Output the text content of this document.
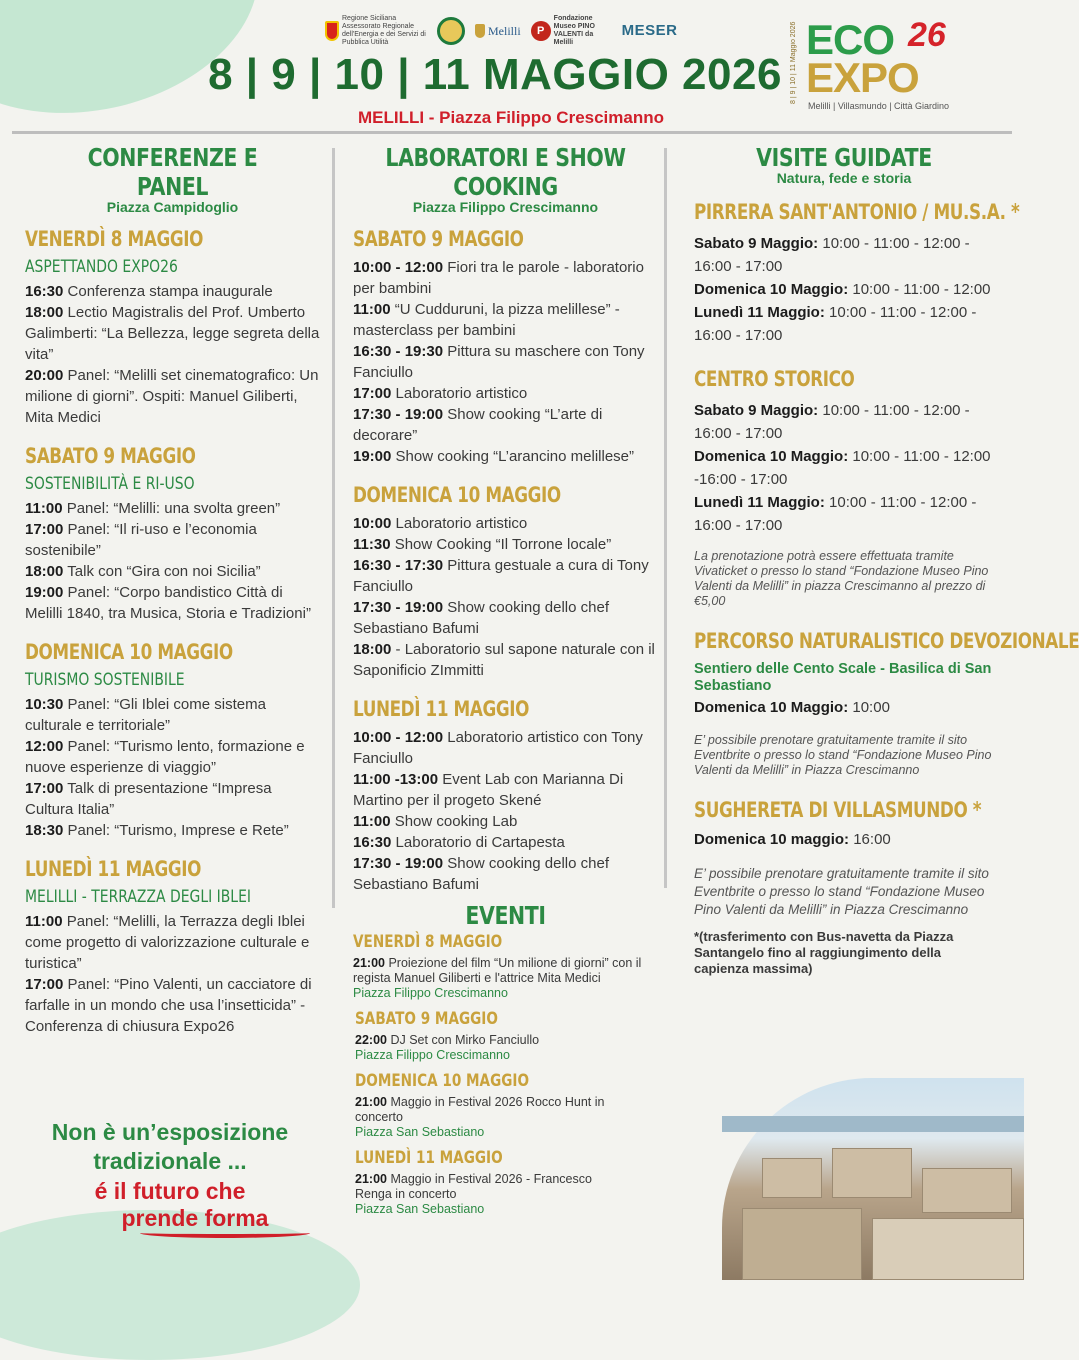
Regione Siciliana Assessorato Regionale dell'Energia e dei Servizi di Pubblica Utilità
Melilli	P
Fondazione Museo PINO VALENTI da Melilli
MESER
8 | 9 | 10 | 11 MAGGIO 2026
MELILLI - Piazza Filippo Crescimanno
8 | 9 | 10 | 11 Maggio 2026 ECO 26
EXPO
Melilli | Villasmundo | Città Giardino
CONFERENZE E PANEL
Piazza Campidoglio
VENERDÌ 8 MAGGIO
ASPETTANDO EXPO26
16:30 Conferenza stampa inaugurale
18:00 Lectio Magistralis del Prof. Umberto Galimberti: “La Bellezza, legge segreta della vita”
20:00 Panel: “Melilli set cinematografico: Un milione di giorni”. Ospiti: Manuel Giliberti, Mita Medici
SABATO 9 MAGGIO
SOSTENIBILITÀ E RI-USO
11:00 Panel: “Melilli: una svolta green”
17:00 Panel: “Il ri-uso e l’economia sostenibile”
18:00 Talk con “Gira con noi Sicilia”
19:00 Panel: “Corpo bandistico Città di Melilli 1840, tra Musica, Storia e Tradizioni”
DOMENICA 10 MAGGIO
TURISMO SOSTENIBILE
10:30 Panel: “Gli Iblei come sistema culturale e territoriale”
12:00 Panel: “Turismo lento, formazione e nuove esperienze di viaggio”
17:00 Talk di presentazione “Impresa Cultura Italia”
18:30 Panel: “Turismo, Imprese e Rete”
LUNEDÌ 11 MAGGIO
MELILLI - TERRAZZA DEGLI IBLEI
11:00 Panel: “Melilli, la Terrazza degli Iblei come progetto di valorizzazione culturale e turistica”
17:00 Panel: “Pino Valenti, un cacciatore di farfalle in un mondo che usa l’insetticida” - Conferenza di chiusura Expo26
Non è un’esposizione
tradizionale ...
é il futuro che
prende forma
LABORATORI E SHOW COOKING
Piazza Filippo Crescimanno
SABATO 9 MAGGIO
10:00 - 12:00 Fiori tra le parole - laboratorio per bambini
11:00 “U Cudduruni, la pizza melillese” - masterclass per bambini
16:30 - 19:30 Pittura su maschere con Tony Fanciullo
17:00 Laboratorio artistico
17:30 - 19:00 Show cooking “L’arte di decorare”
19:00 Show cooking “L’arancino melillese”
DOMENICA 10 MAGGIO
10:00 Laboratorio artistico
11:30 Show Cooking “Il Torrone locale”
16:30 - 17:30 Pittura gestuale a cura di Tony Fanciullo
17:30 - 19:00 Show cooking dello chef Sebastiano Bafumi
18:00 - Laboratorio sul sapone naturale con il Saponificio ZImmitti
LUNEDÌ 11 MAGGIO
10:00 - 12:00 Laboratorio artistico con Tony Fanciullo
11:00 -13:00 Event Lab con Marianna Di Martino per il progeto Skené
11:00 Show cooking Lab
16:30 Laboratorio di Cartapesta
17:30 - 19:00 Show cooking dello chef Sebastiano Bafumi
EVENTI
VENERDÌ 8 MAGGIO
21:00 Proiezione del film “Un milione di giorni” con il regista Manuel Giliberti e l'attrice Mita Medici
Piazza Filippo Crescimanno
SABATO 9 MAGGIO
22:00 DJ Set con Mirko Fanciullo
Piazza Filippo Crescimanno
DOMENICA 10 MAGGIO
21:00 Maggio in Festival 2026 Rocco Hunt in concerto
Piazza San Sebastiano
LUNEDÌ 11 MAGGIO
21:00 Maggio in Festival 2026 - Francesco Renga in concerto
Piazza San Sebastiano
VISITE GUIDATE
Natura, fede e storia
PIRRERA SANT'ANTONIO / MU.S.A. *
Sabato 9 Maggio: 10:00 - 11:00 - 12:00 - 16:00 - 17:00
Domenica 10 Maggio: 10:00 - 11:00 - 12:00
Lunedì 11 Maggio: 10:00 - 11:00 - 12:00 - 16:00 - 17:00
CENTRO STORICO
Sabato 9 Maggio: 10:00 - 11:00 - 12:00 - 16:00 - 17:00
Domenica 10 Maggio: 10:00 - 11:00 - 12:00 -16:00 - 17:00
Lunedì 11 Maggio: 10:00 - 11:00 - 12:00 - 16:00 - 17:00
La prenotazione potrà essere effettuata tramite Vivaticket o presso lo stand “Fondazione Museo Pino Valenti da Melilli” in piazza Crescimanno al prezzo di €5,00
PERCORSO NATURALISTICO DEVOZIONALE
Sentiero delle Cento Scale - Basilica di San Sebastiano
Domenica 10 Maggio: 10:00
E’ possibile prenotare gratuitamente tramite il sito Eventbrite o presso lo stand “Fondazione Museo Pino Valenti da Melilli” in Piazza Crescimanno
SUGHERETA DI VILLASMUNDO *
Domenica 10 maggio: 16:00
E’ possibile prenotare gratuitamente tramite il sito Eventbrite o presso lo stand “Fondazione Museo Pino Valenti da Melilli” in Piazza Crescimanno
*(trasferimento con Bus-navetta da Piazza Santangelo fino al raggiungimento della capienza massima)
